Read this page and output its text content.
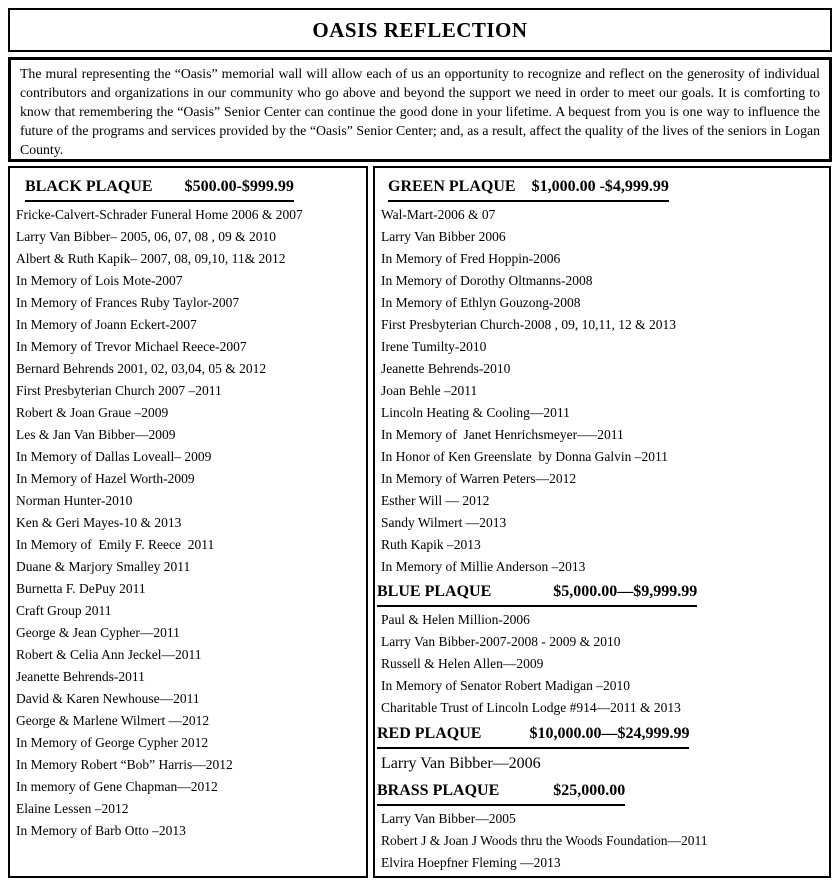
OASIS REFLECTION
The mural representing the “Oasis” memorial wall will allow each of us an opportunity to recognize and reflect on the generosity of individual contributors and organizations in our community who go above and beyond the support we need in order to meet our goals. It is comforting to know that remembering the “Oasis” Senior Center can continue the good done in your lifetime. A bequest from you is one way to influence the future of the programs and services provided by the “Oasis” Senior Center; and, as a result, affect the quality of the lives of the seniors in Logan County.
BLACK PLAQUE $500.00-$999.99
Fricke-Calvert-Schrader Funeral Home 2006 & 2007
Larry Van Bibber– 2005, 06, 07, 08 , 09 & 2010
Albert & Ruth Kapik– 2007, 08, 09,10, 11& 2012
In Memory of Lois Mote-2007
In Memory of Frances Ruby Taylor-2007
In Memory of Joann Eckert-2007
In Memory of Trevor Michael Reece-2007
Bernard Behrends 2001, 02, 03,04, 05 & 2012
First Presbyterian Church 2007 –2011
Robert & Joan Graue –2009
Les & Jan Van Bibber—2009
In Memory of Dallas Loveall– 2009
In Memory of Hazel Worth-2009
Norman Hunter-2010
Ken & Geri Mayes-10 & 2013
In Memory of  Emily F. Reece  2011
Duane & Marjory Smalley 2011
Burnetta F. DePuy 2011
Craft Group 2011
George & Jean Cypher—2011
Robert & Celia Ann Jeckel—2011
Jeanette Behrends-2011
David & Karen Newhouse—2011
George & Marlene Wilmert —2012
In Memory of George Cypher 2012
In Memory Robert “Bob” Harris—2012
In memory of Gene Chapman—2012
Elaine Lessen –2012
In Memory of Barb Otto –2013
GREEN PLAQUE $1,000.00 -$4,999.99
Wal-Mart-2006 & 07
Larry Van Bibber 2006
In Memory of Fred Hoppin-2006
In Memory of Dorothy Oltmanns-2008
In Memory of Ethlyn Gouzong-2008
First Presbyterian Church-2008 , 09, 10,11, 12 & 2013
Irene Tumilty-2010
Jeanette Behrends-2010
Joan Behle –2011
Lincoln Heating & Cooling—2011
In Memory of  Janet Henrichsmeyer—–2011
In Honor of Ken Greenslate  by Donna Galvin –2011
In Memory of Warren Peters—2012
Esther Will — 2012
Sandy Wilmert —2013
Ruth Kapik –2013
In Memory of Millie Anderson –2013
BLUE PLAQUE	$5,000.00—$9,999.99
Paul & Helen Million-2006
Larry Van Bibber-2007-2008 - 2009 & 2010
Russell & Helen Allen—2009
In Memory of Senator Robert Madigan –2010
Charitable Trust of Lincoln Lodge #914—2011 & 2013
RED PLAQUE	$10,000.00—$24,999.99
Larry Van Bibber—2006
BRASS PLAQUE	$25,000.00
Larry Van Bibber—2005
Robert J & Joan J Woods thru the Woods Foundation—2011
Elvira Hoepfner Fleming —2013
